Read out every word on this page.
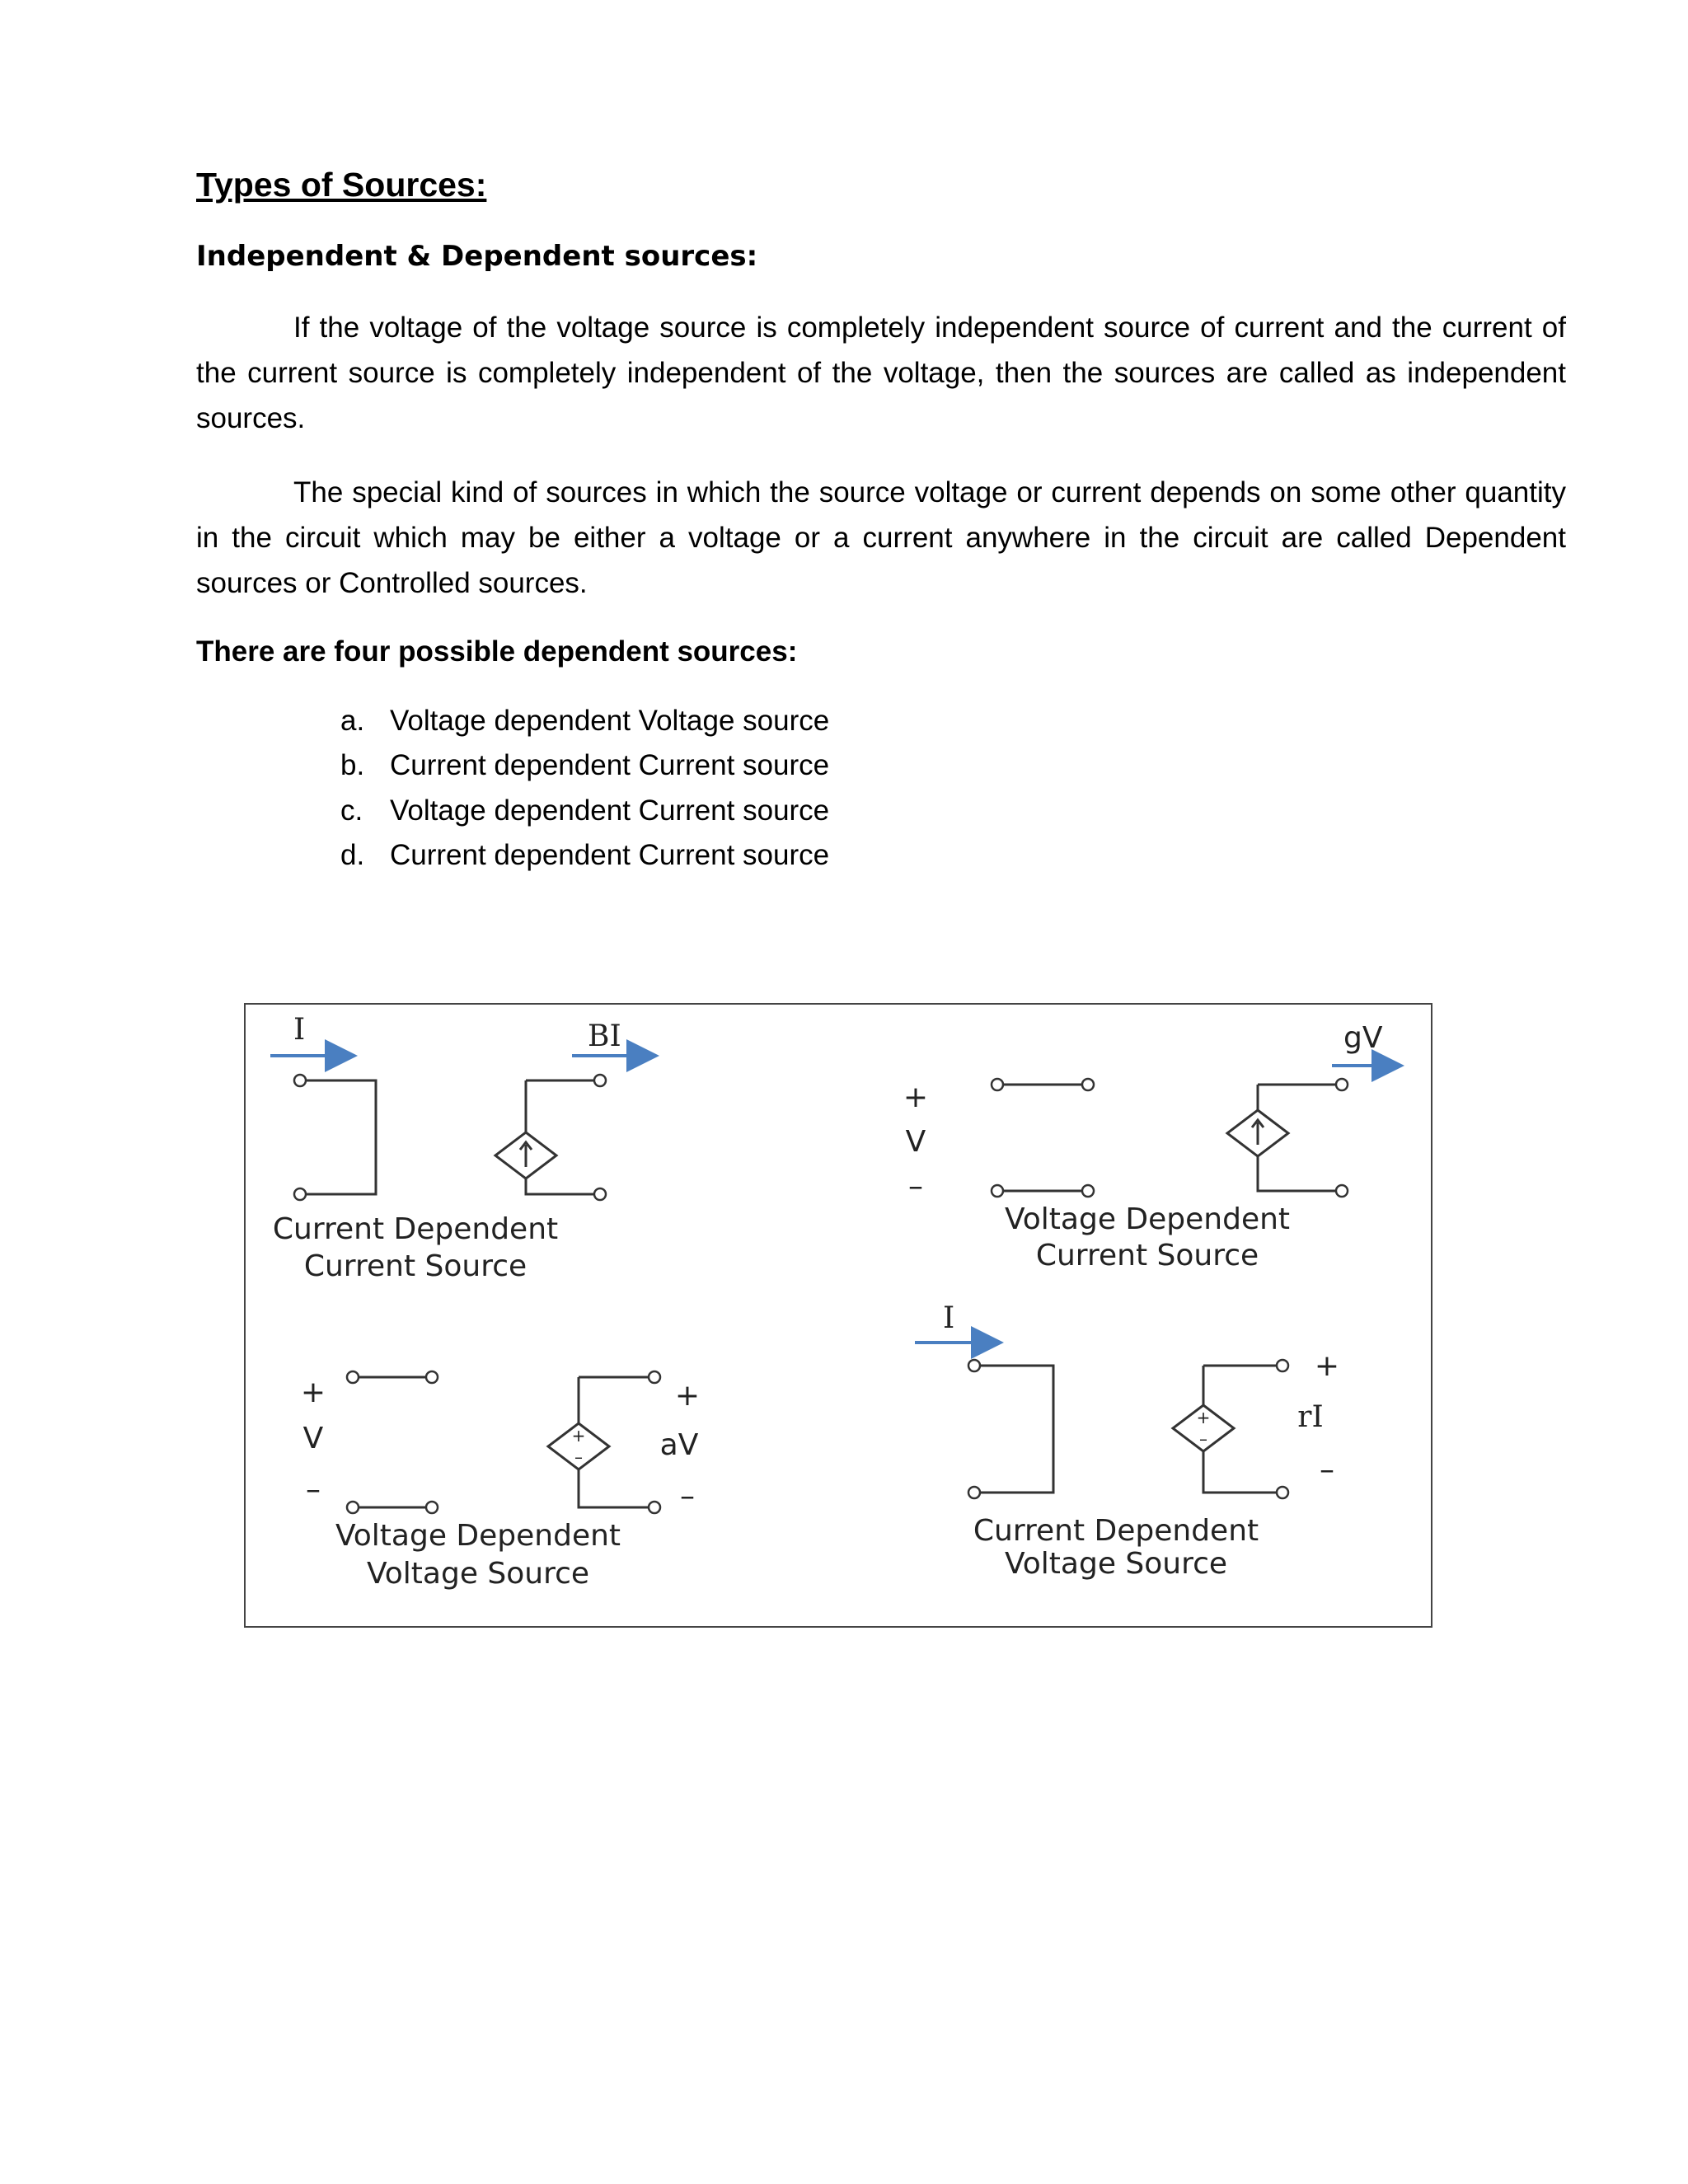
Types of Sources:
Independent & Dependent sources:

If the voltage of the voltage source is completely independent source of current and the current of the current source is completely independent of the voltage, then the sources are called as independent sources.

The special kind of sources in which the source voltage or current depends on some other quantity in the circuit which may be either a voltage or a current anywhere in the circuit are called Dependent sources or Controlled sources.

There are four possible dependent sources:

a. Voltage dependent Voltage source
b. Current dependent Current source
c. Voltage dependent Current source
d. Current dependent Current source
I	BI
Current Dependent
Current Source
+
V
–
gV
Voltage Dependent
Current Source
+
V
–
+
–
+
aV
–
Voltage Dependent
Voltage Source
I
+
–
+
rI
–
Current Dependent
Voltage Source
